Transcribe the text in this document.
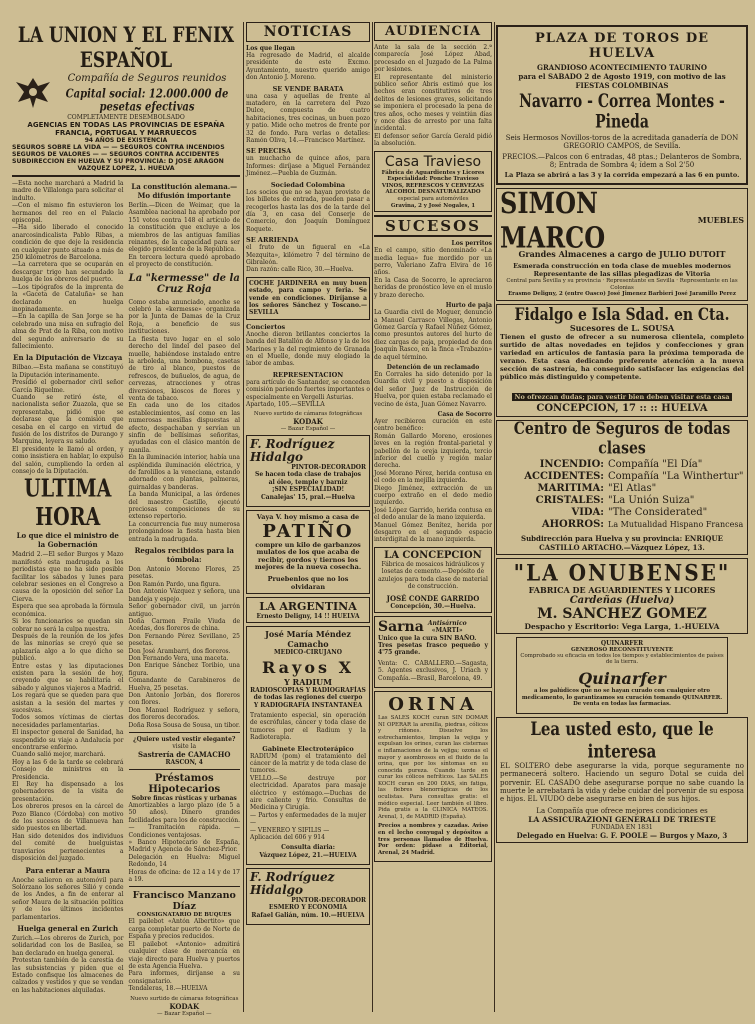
LA UNION Y EL FENIX ESPAÑOL
Compañía de Seguros reunidos
Capital social: 12.000.000 de pesetas efectivas
COMPLETAMENTE DESEMBOLSADO
AGENCIAS EN TODAS LAS PROVINCIAS DE ESPAÑA
FRANCIA, PORTUGAL Y MARRUECOS
94 AÑOS DE EXISTENCIA
SEGUROS SOBRE LA VIDA — — SEGUROS CONTRA INCENDIOS
SEGUROS DE VALORES — — SEGUROS CONTRA ACCIDENTES
SUBDIRECCION EN HUELVA Y SU PROVINCIA: D JOSE ARAGON
VAZQUEZ LOPEZ, 1. HUELVA
—Esta noche marchará a Madrid la madre de Villalonga para solicitar el indulto.
—Con el mismo fin estuvieron los hermanos del reo en el Palacio episcopal.
—Ha sido liberado el conocido anarcosindicalista Pablo Ribas, a condición de que deje la residencia en cualquier punto situado a más de 250 kilómetros de Barcelona.
—La carretera que se ocuparán en descargar trigo han secundado la huelga de los obreros del puerto.
—Los tipógrafos de la imprenta de la «Gaceta de Cataluña» se han declarado en huelga inopinadamente.
—En la capilla de San Jorge se ha celebrado una misa en sufragio del alma de Prat de la Riba, con motivo del segundo aniversario de su fallecimiento.
En la Diputación de Vizcaya
Bilbao.—Esta mañana se constituyó la Diputación interinamente.
Presidió el gobernador civil señor García Riquelme.
Cuando se retiró éste, el nacionalista señor Zuazola, que se representaba, pidió que se declarase que la comisión que cesaba en el cargo en virtud de fusión de los distritos de Durango y Marquina, leyera su saludo.
El presidente le llamó al orden, y como insistiera en hablar, lo expulsó del salón, cumpliendo la orden al consejo de la Diputación.
ULTIMA HORA
Lo que dice el ministro de la Gobernación
Madrid 2.—El señor Burgos y Mazo manifestó esta madrugada a los periodistas que no ha sido posible facilitar los sábados y lunes para celebrar sesiones en el Congreso a causa de la oposición del señor La Cierva.
Espera que sea aprobada la fórmula económica.
Si los funcionarios se quedan sin cobrar no será la culpa nuestra.
Después de la reunión de los jefes de las minorías se creyó que se aplazaría algo a lo que dicho se publicó.
Entre estas y las diputaciones existen para la sesión de hoy, creyendo que se habilitaría el sábado y algunos viajeros a Madrid.
Los regará que se queden para que asistan a la sesión del martes y sucesivas.
Todos somos víctimas de ciertas necesidades parlamentarias.
El inspector general de Sanidad, ha suspendido su viaje a Andalucía por encontrarse enfermo.
Cuando salió mejor, marchará.
Hoy a las 6 de la tarde se celebrará Consejo de ministros en la Presidencia.
El Rey ha dispensado a los gobernadores de la visita de presentación.
Los obreros presos en la cárcel de Pozo Blanco (Córdoba) con motivo de los sucesos de Villanueva han sido puestos en libertad.
Han sido detenidos dos individuos del comité de huelguistas tranviarios pertenecientes a disposición del juzgado.
Para enterar a Maura
Anoche salieron en automóvil para Solórzano los señores Silió y conde de los Andes, a fin de enterar al señor Maura de la situación política y de los últimos incidentes parlamentarios.
Huelga general en Zurich
Zurich.—Los obreros de Zurich, por solidaridad con los de Basilea, se han declarado en huelga general.
Protestan también de la carestía de las subsistencias y piden que el Estado confisque los almacenes de calzados y vestidos y que se vendan en las habitaciones alquiladas.
La constitución alemana.—Mo difusión importante
Berlín.—Dicen de Weimar, que la Asamblea nacional ha aprobado por 151 votos contra 148 el artículo de la constitución que excluye a los miembros de las antiguas familias reinantes, de la capacidad para ser elegido presidente de la República.
En tercera lectura quedó aprobado el proyecto de constitución.
La "kermesse" de la Cruz Roja
Como estaba anunciado, anoche se celebró la «kermesse» organizada por la Junta de Damas de la Cruz Roja, a beneficio de sus instituciones.
La fiesta tuvo lugar en el solo derecho del lindel del paseo del muelle, habiéndose instalado entre la arboleda, una bombona, casetas de tiro al blanco, puestos de refrescos, de buñuelos, de agua, de cervezas, atracciones y otras diversiones, kioscos de flores y venta de tabaco.
En cada uno de los citados establecimientos, así como en las numerosas mesillas dispuestas al efecto, despachaban y servían un sinfín de bellísimas señoritas, ayudadas con el clásico mantón de manila.
En la iluminación interior, había una espléndida iluminación eléctrica, y de farolillos a la veneciana, estando adornado con plantas, palmeras, guirnaldas y banderas.
La banda Municipal, a las órdenes del maestro Castillo, ejecutó preciosas composiciones de su extenso repertorio.
La concurrencia fue muy numerosa prolongándose la fiesta hasta bien entrada la madrugada.
Regalos recibidos para la tómbola:
Don Antonio Moreno Flores, 25 pesetas.
Don Ramón Pardo, una figura.
Don Antonio Vázquez y señora, una bandeja y espejo.
Señor gobernador civil, un jarrón antiguo.
Doña Carmen Fraile Viuda de Acedas, dos floreros de china.
Don Fernando Pérez Sevillano, 25 pesetas.
Don José Arambarri, dos floreros.
Don Fernando Vera, una maceta.
Don Enrique Sánchez Toribio, una figura.
Comandante de Carabineros de Huelva, 25 pesetas.
Don Antonio Jorbán, dos floreros con flores.
Don Manuel Rodríguez y señora, dos floreros decorados.
Doña Rosa Sousa de Sousa, un tibor.
¿Quiere usted vestir elegante?
visite la
Sastrería de CAMACHO
RASCON, 4
Préstamos Hipotecarios
Sobre fincas rústicas y urbanas
Amortizables a largo plazo (de 5 a 50 años). Dinero grandes facilidades para los de construcción. — Tramitación rápida. — Condiciones ventajosas.
» Banco Hipotecario de España, Madrid y Agencia de Sánchez-Prior.
Delegación en Huelva: Miguel Redondo, 14
Horas de oficina: de 12 a 14 y de 17 a 19.
Francisco Manzano Díaz
CONSIGNATARIO DE BUQUES
El pailebot «Antón Albertito» que carga completar puerto de Norte de España y precios reducidos.
El pailebot «Antonio» admitirá cualquier clase de mercancía en viaje directo para Huelva y puertos de esta Agencia Huelva.
Para informes, diríjanse a su consignatario.
Tendaleras, 18.—HUELVA
Nuevo surtido de cámaras fotográficas
KODAK
— Bazar Español —
NOTICIAS
Los que llegan
Ha regresado de Madrid, el alcalde presidente de este Excmo. Ayuntamiento, nuestro querido amigo don Antonio J. Moreno.
SE VENDE BARATA
una casa y aquellas de frente al matadero, en la carretera del Pozo Dulce, compuesta de cuatro habitaciones, tres cocinas, un buen pozo y patio. Mide ocho metros de frente por 32 de fondo. Para verlas o detalles: Ramón Oliva, 14.—Francisco Martínez.
SE PRECISA
un muchacho de quince años, para Informes: diríjase a Miguel Fernández Jiménez.—Puebla de Guzmán.
Sociedad Colombina
Los socios que no se hayan provisto de los billetes de entrada, pueden pasar a recogerlos hasta las dos de la tarde del día 3, en casa del Conserje de Comercio, don Joaquín Domínguez Roquete.
SE ARRIENDA
el fruto de un figueral en «La Mezquita», kilómetro 7 del término de Gibraleón.
Dan razón: calle Rico, 30.—Huelva.
COCHE JARDINERA en muy buen estado, para campo y feria. Se vende en condiciones. Diríjanse a los señores Sánchez y Toscano.—SEVILLA
Conciertos
Anoche dieron brillantes conciertos la banda del Batallón de Alfonso y la de los Marines y la del regimiento de Granada en el Muelle, donde muy elogiado la labor de ambas.
REPRESENTACION
para artículo de Santander, se conceden comisión pariendo fuertes importantes o especialmente en Vergelli Asturias.
Apartado, 105.—SEVILLA
Nuevo surtido de cámaras fotográficas
KODAK
— Bazar Español —
F. Rodríguez Hidalgo
PINTOR-DECORADOR
Se hacen toda clase de trabajos
al óleo, temple y barniz
¡SIN ESPECIALIDAD!
Canalejas' 15, pral.—Huelva
Vaya V. hoy mismo a casa de
PATIÑO
compre un kilo de garbanzos mulatos de los que acaba de recibir, gordos y tiernos los mejores de la nueva cosecha.
Pruebenlos que no los olvidaran
LA ARGENTINA
Ernesto Deligny, 14 !! HUELVA
José María Méndez Camacho
MEDICO-CIRUJANO
Rayos X
Y RADIUM
RADIOSCOPIAS Y RADIOGRAFÍAS
de todas las regiones del cuerpo
Y RADIOGRAFIA INSTANTANEA
Tratamiento especial, sin operación de escrófulas, cáncer y toda clase de tumores por el Radium y la Radioterapia.
Gabinete Electroterápico
RADIUM (pom) el tratamiento del cáncer de la matriz y de toda clase de tumores.
VELLO.—Se destruye por electricidad. Aparatos para masaje eléctrico y estómago.—Duchas de aire caliente y frío. Consultas de Medicina y Cirugía.
— Partos y enfermedades de la mujer —
— VENEREO Y SIFILIS —
Aplicación del 606 y 914
Consulta diaria:
Vázquez López, 21.—HUELVA
F. Rodríguez Hidalgo
PINTOR-DECORADOR
ESMERO Y ECONOMIA
Rafael Galián, núm. 10.—HUELVA
AUDIENCIA
Ante la sala de la sección 2.ª comparecía José López Abad, procesado en el Juzgado de La Palma por lesiones.
El representante del ministerio público señor Abris estimó que los hechos eran constitutivos de tres delitos de lesiones graves, solicitando se imponiera el procesado la pena de tres años, ocho meses y veintiún días y once días de arresto por una falta incidental.
El defensor señor García Gerald pidió la absolución.
Casa Travieso
Fábrica de Aguardientes y Licores
Especialidad: Ponche Travieso
VINOS, REFRESCOS Y CERVEZAS
ALCOHOL DESNATURALIZADO
especial para automóviles
Gravina, 2 y José Nogales, 1
SUCESOS
Los perritos
En el campo, sitio denominado «La media legua» fue mordido por un perro, Valeriano Zafra Elvira de 16 años.
En la Casa de Socorro, le apreciaron heridas de pronóstico leve en el muslo y brazo derecho.
Hurto de paja
La Guardia civil de Moguer, denunció a Manuel Carrasco Villegas, Antonio Gómez García y Rafael Núñez Gómez, como presuntos autores del hurto de diez cargas de paja, propiedad de don Joaquín Rasco, en la finca «Trabazón» de aquel término.
Detención de un reclamado
En Corrales ha sido detenido por la Guardia civil y puesto a disposición del señor Juez de Instrucción de Huelva, por quien estaba reclamado el vecino de ésta, Juan Gómez Navarro.
Casa de Socorro
Ayer recibieron curación en este centro benéfico:
Román Gallardo Moreno, erosiones leves en la región frontal-parietal y pabellón de la oreja izquierda, tercio inferior del cuello y región malar derecha.
José Morano Pérez, herida contusa en el codo en la mejilla izquierda.
Diego Jiménez, extracción de un cuerpo extraño en el dedo medio izquierdo.
José López Garrido, herida contusa en el dedo anular de la mano izquierda.
Manuel Gómez Benítez, herida por desgarro en el segundo espacio interdigital de la mano izquierda.
LA CONCEPCION
Fábrica de mosaicos hidráulicos y losetas de cemento.—Depósito de azulejos para toda clase de material de construcción.
JOSÉ CONDE GARRIDO
Concepción, 30.—Huelva.
Sarna Antisárnico
«MARTI»
Unico que la cura SIN BAÑO.
Tres pesetas frasco pequeño y 4'75 grande.
Venta: C. CABALLERO.—Sagasta, 5. Agentes exclusivos, J. Uriach y Compañía.—Brasil, Barcelona, 49.
ORINA
Las SALES KOCH curan SIN DOMAR NI OPERAR la arenilla, piedras, cólicos y riñones. Disuelve los estrechamientos, limpian la vejiga y expulsan los orines, curan las cisternas e inflamaciones de la vejiga; ozonas el mayor y asombrosos en el fluido de la orina, que por los síntomas en su conocida pureza. Cuando tarde en curar los cólicos nefríticos. Las SALES KOCH curan en 200 DIAS, sin fatiga, las fiebres blenorrágicas de los oculistas. Para consultas gratis: el médico especial. Leer también el libro. Pida gratis a la CLINICA MATEOS. Arenal, 1, de MADRID (España).
Precios a nombres y cazadas. Aviso en el lecho conyugal y depósitos a tres personas llamados de Huelva. Por orden: pidase a Editorial, Arenal, 24 Madrid.
PLAZA DE TOROS DE HUELVA
GRANDIOSO ACONTECIMIENTO TAURINO
para el SABADO 2 de Agosto 1919, con motivo de las FIESTAS COLOMBINAS
Navarro - Correa Montes - Pineda
Seis Hermosos Novillos-toros de la acreditada ganadería de DON GREGORIO CAMPOS, de Sevilla.
PRECIOS.—Palcos con 6 entradas, 48 ptas.; Delanteros de Sombra, 8; Entrada de Sombra 4; ídem a Sol 2'50
La Plaza se abrirá a las 3 y la corrida empezará a las 6 en punto.
SIMON MARCO	MUEBLES
Grandes Almacenes a cargo de JULIO DUTOIT
Esmerada construcción en toda clase de muebles modernos
Representante de las sillas plegadizas de Vitoria
Central para Sevilla y su provincia · Representante en Sevilla · Representante en las Colonias
Erasmo Deligny, 2 (entre Oasco) José Jimenez Barbieri José Jaramillo Perez
Fidalgo e Isla Sdad. en Cta.
Sucesores de L. SOUSA
Tienen el gusto de ofrecer a su numerosa clientela, completo surtido de altas novedades en tejidos y confecciones y gran variedad en artículos de fantasía para la próxima temporada de verano. Esta casa dedicando preferente atención a la nueva sección de sastrería, ha conseguido satisfacer las exigencias del público más distinguido y competente.
No ofrezcan dudas; para vestir bien deben visitar esta casa
CONCEPCION, 17 :: :: HUELVA
Centro de Seguros de todas clases
INCENDIO: Compañía "El Día"
ACCIDENTES: Compañía "La Winthertur"
MARITIMA: "El Atlas"
CRISTALES: "La Unión Suiza"
VIDA: "The Considerated"
AHORROS: La Mutualidad Hispano Francesa
Subdirección para Huelva y su provincia: ENRIQUE CASTILLO ARTACHO.—Vázquez López, 13.
"LA ONUBENSE"
FABRICA DE AGUARDIENTES Y LICORES
Cardeñas (Huelva)
M. SANCHEZ GOMEZ
Despacho y Escritorio: Vega Larga, 1.-HUELVA
QUINARFER
GENEROSO RECONSTITUYENTE
Comprobado su eficacia en todos los tiempos y establecimientos de países de la tierra.
Quinarfer
a los palúdicos que no se hayan curado con cualquier otro medicamento, lo garantizamos su curación tomando QUINARFER. De venta en todas las farmacias.
Lea usted esto, que le interesa
EL SOLTERO debe asegurarse la vida, porque seguramente no permanecerá soltero. Haciendo un seguro Dotal se cuida del porvenir. EL CASADO debe asegurarse porque no sabe cuando la muerte le arrebatará la vida y debe cuidar del porvenir de su esposa e hijos. EL VIUDO debe asegurarse en bien de sus hijos.
La Compañía que ofrece mejores condiciones es
LA ASSICURAZIONI GENERALI DE TRIESTE
FUNDADA EN 1831
Delegado en Huelva: G. F. POOLE — Burgos y Mazo, 3
